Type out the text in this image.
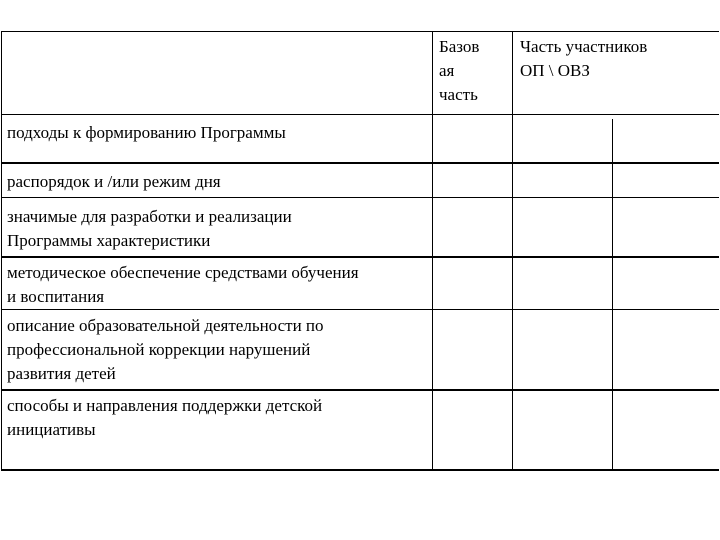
Базов
ая
часть
Часть участников
ОП \ ОВЗ
подходы к формированию Программы
распорядок и /или режим дня
значимые для разработки и реализации
Программы характеристики
методическое обеспечение средствами обучения
и воспитания
описание образовательной деятельности по
профессиональной коррекции нарушений
развития детей
способы и направления поддержки детской
инициативы
